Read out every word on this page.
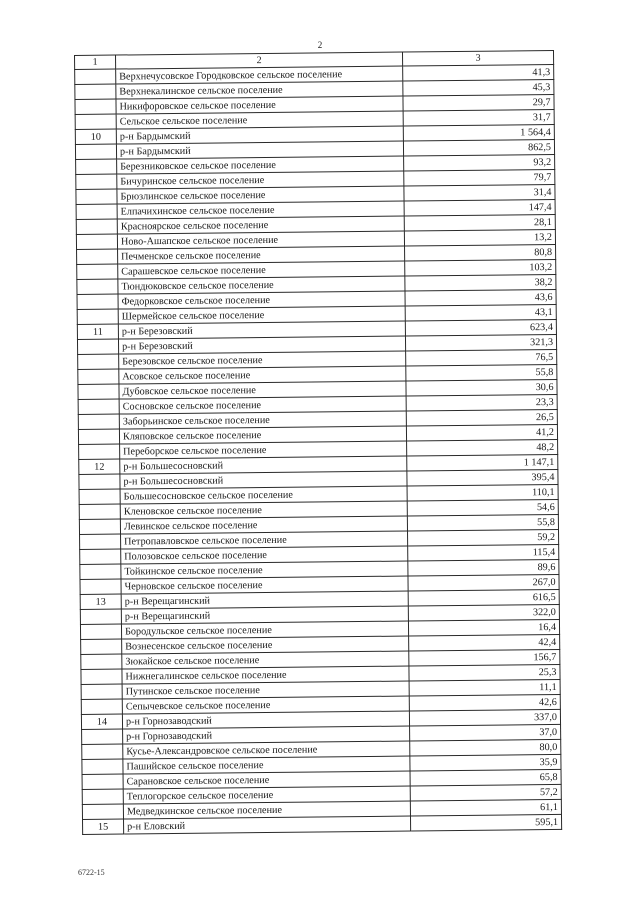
2
1	2	3
	Верхнечусовское Городковское сельское поселение	41,3
	Верхнекалинское сельское поселение	45,3
	Никифоровское сельское поселение	29,7
	Сельское сельское поселение	31,7
10	р-н Бардымский	1 564,4
	р-н Бардымский	862,5
	Березниковское сельское поселение	93,2
	Бичуринское сельское поселение	79,7
	Брюзлинское сельское поселение	31,4
	Елпачихинское сельское поселение	147,4
	Красноярское сельское поселение	28,1
	Ново-Ашапское сельское поселение	13,2
	Печменское сельское поселение	80,8
	Сарашевское сельское поселение	103,2
	Тюндюковское сельское поселение	38,2
	Федорковское сельское поселение	43,6
	Шермейское сельское поселение	43,1
11	р-н Березовский	623,4
	р-н Березовский	321,3
	Березовское сельское поселение	76,5
	Асовское сельское поселение	55,8
	Дубовское сельское поселение	30,6
	Сосновское сельское поселение	23,3
	Заборьинское сельское поселение	26,5
	Кляповское сельское поселение	41,2
	Переборское сельское поселение	48,2
12	р-н Большесосновский	1 147,1
	р-н Большесосновский	395,4
	Большесосновское сельское поселение	110,1
	Кленовское сельское поселение	54,6
	Левинское сельское поселение	55,8
	Петропавловское сельское поселение	59,2
	Полозовское сельское поселение	115,4
	Тойкинское сельское поселение	89,6
	Черновское сельское поселение	267,0
13	р-н Верещагинский	616,5
	р-н Верещагинский	322,0
	Бородульское сельское поселение	16,4
	Вознесенское сельское поселение	42,4
	Зюкайское сельское поселение	156,7
	Нижнегалинское сельское поселение	25,3
	Путинское сельское поселение	11,1
	Сепычевское сельское поселение	42,6
14	р-н Горнозаводский	337,0
	р-н Горнозаводский	37,0
	Кусье-Александровское сельское поселение	80,0
	Пашийское сельское поселение	35,9
	Сарановское сельское поселение	65,8
	Теплогорское сельское поселение	57,2
	Медведкинское сельское поселение	61,1
15	р-н Еловский	595,1
6722-15
